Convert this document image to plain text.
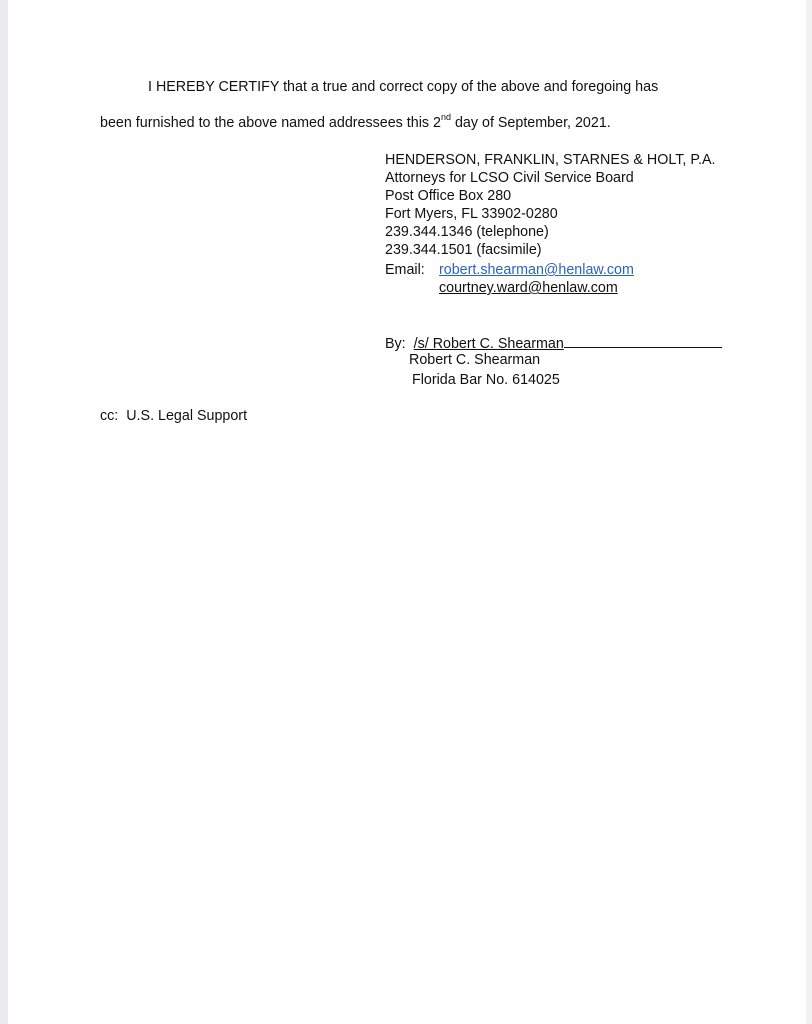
I HEREBY CERTIFY that a true and correct copy of the above and foregoing has
been furnished to the above named addressees this 2nd day of September, 2021.
HENDERSON, FRANKLIN, STARNES & HOLT, P.A.
Attorneys for LCSO Civil Service Board
Post Office Box 280
Fort Myers, FL 33902-0280
239.344.1346 (telephone)
239.344.1501 (facsimile)
Email: robert.shearman@henlaw.com
courtney.ward@henlaw.com
By: /s/ Robert C. Shearman
Robert C. Shearman
Florida Bar No. 614025
cc: U.S. Legal Support
